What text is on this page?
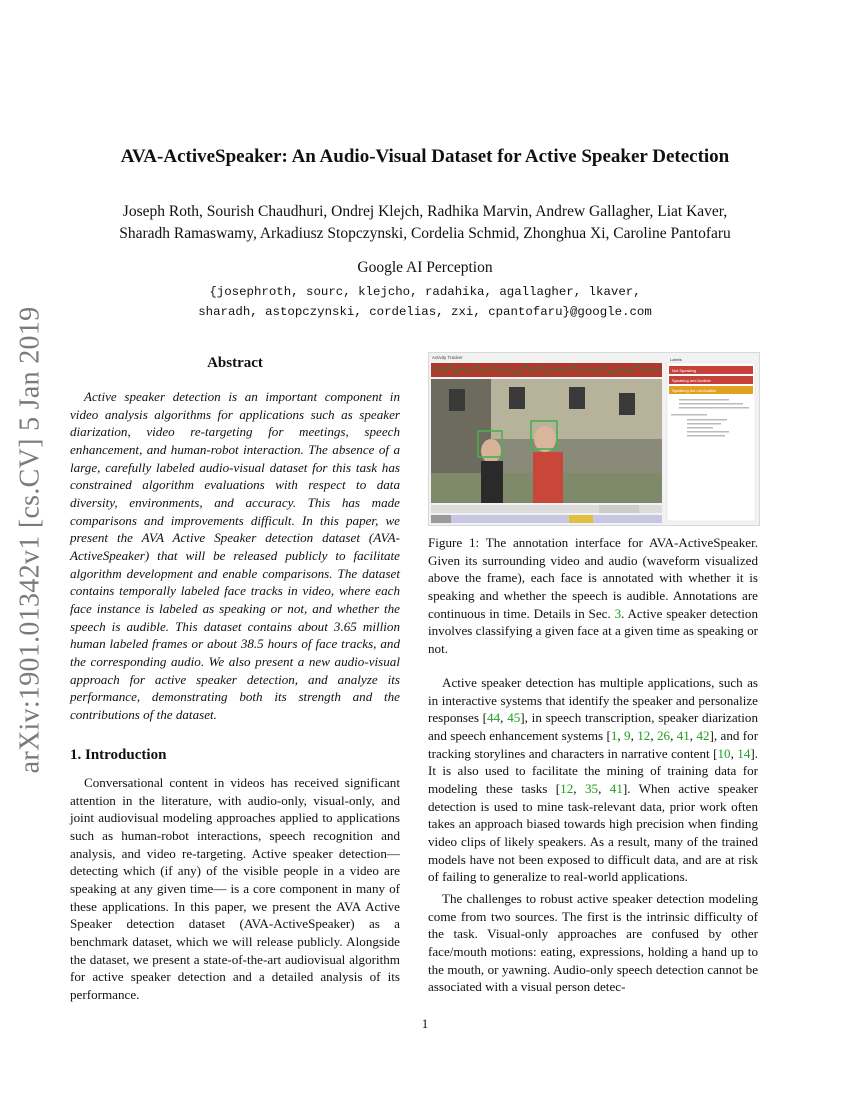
arXiv:1901.01342v1 [cs.CV] 5 Jan 2019
AVA-ActiveSpeaker: An Audio-Visual Dataset for Active Speaker Detection
Joseph Roth, Sourish Chaudhuri, Ondrej Klejch, Radhika Marvin, Andrew Gallagher, Liat Kaver,
Sharadh Ramaswamy, Arkadiusz Stopczynski, Cordelia Schmid, Zhonghua Xi, Caroline Pantofaru
Google AI Perception
{josephroth, sourc, klejcho, radahika, agallagher, lkaver,
sharadh, astopczynski, cordelias, zxi, cpantofaru}@google.com
Abstract

Active speaker detection is an important component in video analysis algorithms for applications such as speaker diarization, video re-targeting for meetings, speech enhancement, and human-robot interaction. The absence of a large, carefully labeled audio-visual dataset for this task has constrained algorithm evaluations with respect to data diversity, environments, and accuracy. This has made comparisons and improvements difficult. In this paper, we present the AVA Active Speaker detection dataset (AVA-ActiveSpeaker) that will be released publicly to facilitate algorithm development and enable comparisons. The dataset contains temporally labeled face tracks in video, where each face instance is labeled as speaking or not, and whether the speech is audible. This dataset contains about 3.65 million human labeled frames or about 38.5 hours of face tracks, and the corresponding audio. We also present a new audio-visual approach for active speaker detection, and analyze its performance, demonstrating both its strength and the contributions of the dataset.

1. Introduction

Conversational content in videos has received significant attention in the literature, with audio-only, visual-only, and joint audiovisual modeling approaches applied to applications such as human-robot interactions, speech recognition and analysis, and video re-targeting. Active speaker detection— detecting which (if any) of the visible people in a video are speaking at any given time— is a core component in many of these applications. In this paper, we present the AVA Active Speaker detection dataset (AVA-ActiveSpeaker) as a benchmark dataset, which we will release publicly. Alongside the dataset, we present a state-of-the-art audiovisual algorithm for active speaker detection and a detailed analysis of its performance.

Activity Tracker	Labels
Not Speaking
Speaking and Audible
Speaking but not Audible

Figure 1: The annotation interface for AVA-ActiveSpeaker. Given its surrounding video and audio (waveform visualized above the frame), each face is annotated with whether it is speaking and whether the speech is audible. Annotations are continuous in time. Details in Sec. 3. Active speaker detection involves classifying a given face at a given time as speaking or not.

Active speaker detection has multiple applications, such as in interactive systems that identify the speaker and personalize responses [44, 45], in speech transcription, speaker diarization and speech enhancement systems [1, 9, 12, 26, 41, 42], and for tracking storylines and characters in narrative content [10, 14]. It is also used to facilitate the mining of training data for modeling these tasks [12, 35, 41]. When active speaker detection is used to mine task-relevant data, prior work often takes an approach biased towards high precision when finding video clips of likely speakers. As a result, many of the trained models have not been exposed to difficult data, and are at risk of failing to generalize to real-world applications.

The challenges to robust active speaker detection modeling come from two sources. The first is the intrinsic difficulty of the task. Visual-only approaches are confused by other face/mouth motions: eating, expressions, holding a hand up to the mouth, or yawning. Audio-only speech detection cannot be associated with a visual person detec-

1
